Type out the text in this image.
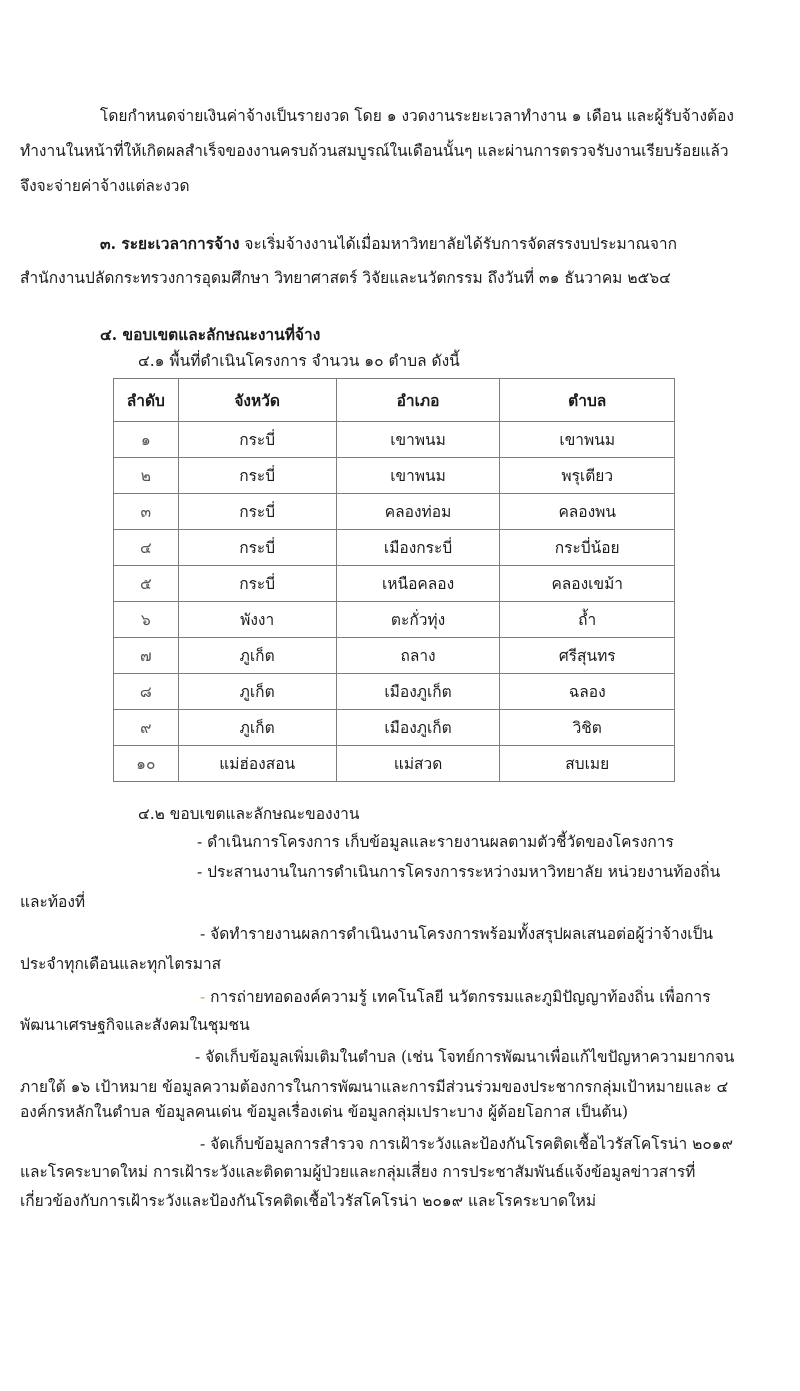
โดยกำหนดจ่ายเงินค่าจ้างเป็นรายงวด โดย ๑ งวดงานระยะเวลาทำงาน ๑ เดือน และผู้รับจ้างต้อง
ทำงานในหน้าที่ให้เกิดผลสำเร็จของงานครบถ้วนสมบูรณ์ในเดือนนั้นๆ และผ่านการตรวจรับงานเรียบร้อยแล้ว
จึงจะจ่ายค่าจ้างแต่ละงวด
๓. ระยะเวลาการจ้าง จะเริ่มจ้างงานได้เมื่อมหาวิทยาลัยได้รับการจัดสรรงบประมาณจาก
สำนักงานปลัดกระทรวงการอุดมศึกษา วิทยาศาสตร์ วิจัยและนวัตกรรม ถึงวันที่ ๓๑ ธันวาคม ๒๕๖๔
๔. ขอบเขตและลักษณะงานที่จ้าง
๔.๑ พื้นที่ดำเนินโครงการ จำนวน ๑๐ ตำบล ดังนี้
ลำดับ	จังหวัด	อำเภอ	ตำบล
๑	กระบี่	เขาพนม	เขาพนม
๒	กระบี่	เขาพนม	พรุเตียว
๓	กระบี่	คลองท่อม	คลองพน
๔	กระบี่	เมืองกระบี่	กระบี่น้อย
๕	กระบี่	เหนือคลอง	คลองเขม้า
๖	พังงา	ตะกั่วทุ่ง	ถ้ำ
๗	ภูเก็ต	ถลาง	ศรีสุนทร
๘	ภูเก็ต	เมืองภูเก็ต	ฉลอง
๙	ภูเก็ต	เมืองภูเก็ต	วิชิต
๑๐	แม่ฮ่องสอน	แม่สวด	สบเมย
๔.๒ ขอบเขตและลักษณะของงาน
- ดำเนินการโครงการ เก็บข้อมูลและรายงานผลตามตัวชี้วัดของโครงการ
- ประสานงานในการดำเนินการโครงการระหว่างมหาวิทยาลัย หน่วยงานท้องถิ่น
และท้องที่
- จัดทำรายงานผลการดำเนินงานโครงการพร้อมทั้งสรุปผลเสนอต่อผู้ว่าจ้างเป็น
ประจำทุกเดือนและทุกไตรมาส
- การถ่ายทอดองค์ความรู้ เทคโนโลยี นวัตกรรมและภูมิปัญญาท้องถิ่น เพื่อการ
พัฒนาเศรษฐกิจและสังคมในชุมชน
- จัดเก็บข้อมูลเพิ่มเติมในตำบล (เช่น โจทย์การพัฒนาเพื่อแก้ไขปัญหาความยากจน
ภายใต้ ๑๖ เป้าหมาย ข้อมูลความต้องการในการพัฒนาและการมีส่วนร่วมของประชากรกลุ่มเป้าหมายและ ๔
องค์กรหลักในตำบล ข้อมูลคนเด่น ข้อมูลเรื่องเด่น ข้อมูลกลุ่มเปราะบาง ผู้ด้อยโอกาส เป็นต้น)
- จัดเก็บข้อมูลการสำรวจ การเฝ้าระวังและป้องกันโรคติดเชื้อไวรัสโคโรน่า ๒๐๑๙
และโรคระบาดใหม่ การเฝ้าระวังและติดตามผู้ป่วยและกลุ่มเสี่ยง การประชาสัมพันธ์แจ้งข้อมูลข่าวสารที่
เกี่ยวข้องกับการเฝ้าระวังและป้องกันโรคติดเชื้อไวรัสโคโรน่า ๒๐๑๙ และโรคระบาดใหม่
